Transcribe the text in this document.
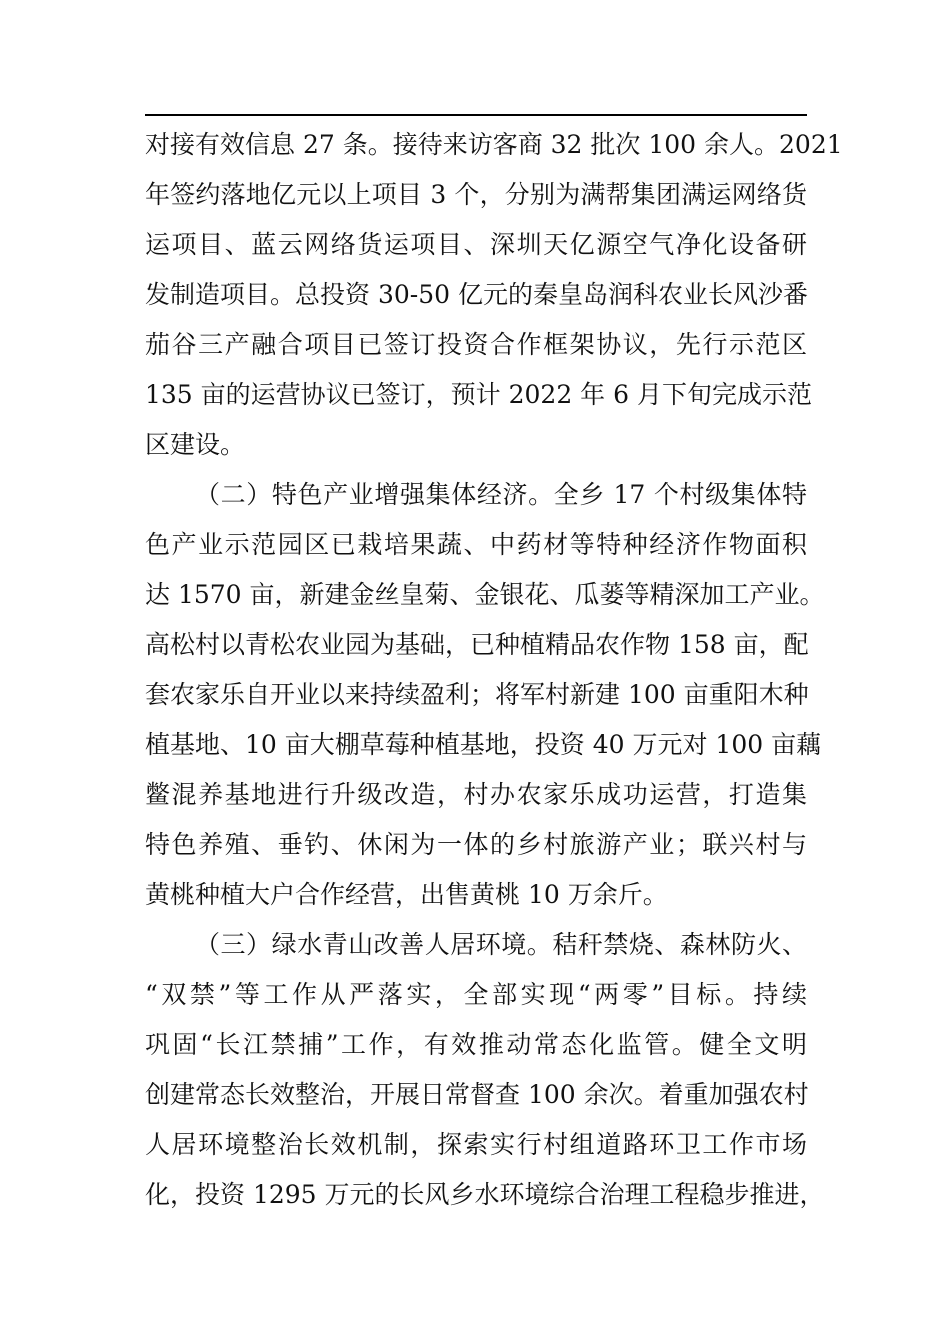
对接有效信息 27 条。接待来访客商 32 批次 100 余人。2021
年签约落地亿元以上项目 3 个，分别为满帮集团满运网络货
运项目、蓝云网络货运项目、深圳天亿源空气净化设备研
发制造项目。总投资 30-50 亿元的秦皇岛润科农业长风沙番
茄谷三产融合项目已签订投资合作框架协议，先行示范区
135 亩的运营协议已签订，预计 2022 年 6 月下旬完成示范
区建设。
（二）特色产业增强集体经济。全乡 17 个村级集体特
色产业示范园区已栽培果蔬、中药材等特种经济作物面积
达 1570 亩，新建金丝皇菊、金银花、瓜蒌等精深加工产业。
高松村以青松农业园为基础，已种植精品农作物 158 亩，配
套农家乐自开业以来持续盈利；将军村新建 100 亩重阳木种
植基地、10 亩大棚草莓种植基地，投资 40 万元对 100 亩藕
鳖混养基地进行升级改造，村办农家乐成功运营，打造集
特色养殖、垂钓、休闲为一体的乡村旅游产业；联兴村与
黄桃种植大户合作经营，出售黄桃 10 万余斤。
（三）绿水青山改善人居环境。秸秆禁烧、森林防火、
“双禁”等工作从严落实，全部实现“两零”目标。持续
巩固“长江禁捕”工作，有效推动常态化监管。健全文明
创建常态长效整治，开展日常督查 100 余次。着重加强农村
人居环境整治长效机制，探索实行村组道路环卫工作市场
化，投资 1295 万元的长风乡水环境综合治理工程稳步推进，
